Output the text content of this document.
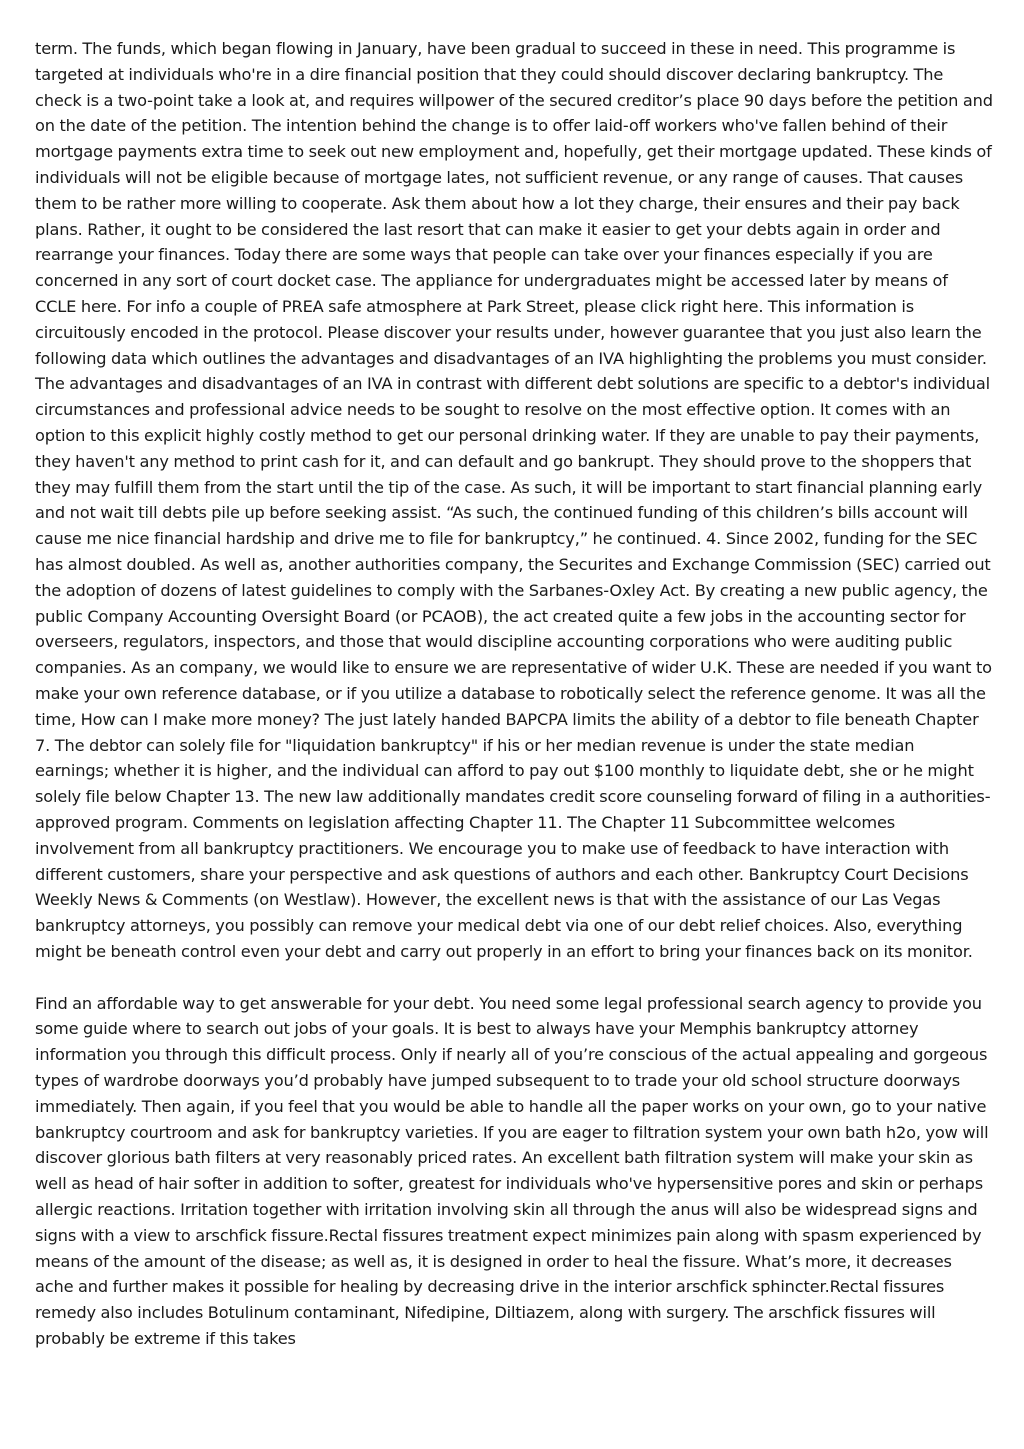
term. The funds, which began flowing in January, have been gradual to succeed in these in need. This programme is targeted at individuals who're in a dire financial position that they could should discover declaring bankruptcy. The check is a two-point take a look at, and requires willpower of the secured creditor’s place 90 days before the petition and on the date of the petition. The intention behind the change is to offer laid-off workers who've fallen behind of their mortgage payments extra time to seek out new employment and, hopefully, get their mortgage updated. These kinds of individuals will not be eligible because of mortgage lates, not sufficient revenue, or any range of causes. That causes them to be rather more willing to cooperate. Ask them about how a lot they charge, their ensures and their pay back plans. Rather, it ought to be considered the last resort that can make it easier to get your debts again in order and rearrange your finances. Today there are some ways that people can take over your finances especially if you are concerned in any sort of court docket case. The appliance for undergraduates might be accessed later by means of CCLE here. For info a couple of PREA safe atmosphere at Park Street, please click right here. This information is circuitously encoded in the protocol. Please discover your results under, however guarantee that you just also learn the following data which outlines the advantages and disadvantages of an IVA highlighting the problems you must consider. The advantages and disadvantages of an IVA in contrast with different debt solutions are specific to a debtor's individual circumstances and professional advice needs to be sought to resolve on the most effective option. It comes with an option to this explicit highly costly method to get our personal drinking water. If they are unable to pay their payments, they haven't any method to print cash for it, and can default and go bankrupt. They should prove to the shoppers that they may fulfill them from the start until the tip of the case. As such, it will be important to start financial planning early and not wait till debts pile up before seeking assist. “As such, the continued funding of this children’s bills account will cause me nice financial hardship and drive me to file for bankruptcy,” he continued. 4. Since 2002, funding for the SEC has almost doubled. As well as, another authorities company, the Securites and Exchange Commission (SEC) carried out the adoption of dozens of latest guidelines to comply with the Sarbanes-Oxley Act. By creating a new public agency, the public Company Accounting Oversight Board (or PCAOB), the act created quite a few jobs in the accounting sector for overseers, regulators, inspectors, and those that would discipline accounting corporations who were auditing public companies. As an company, we would like to ensure we are representative of wider U.K. These are needed if you want to make your own reference database, or if you utilize a database to robotically select the reference genome. It was all the time, How can I make more money? The just lately handed BAPCPA limits the ability of a debtor to file beneath Chapter 7. The debtor can solely file for "liquidation bankruptcy" if his or her median revenue is under the state median earnings; whether it is higher, and the individual can afford to pay out $100 monthly to liquidate debt, she or he might solely file below Chapter 13. The new law additionally mandates credit score counseling forward of filing in a authorities-approved program. Comments on legislation affecting Chapter 11. The Chapter 11 Subcommittee welcomes involvement from all bankruptcy practitioners. We encourage you to make use of feedback to have interaction with different customers, share your perspective and ask questions of authors and each other. Bankruptcy Court Decisions Weekly News & Comments (on Westlaw). However, the excellent news is that with the assistance of our Las Vegas bankruptcy attorneys, you possibly can remove your medical debt via one of our debt relief choices. Also, everything might be beneath control even your debt and carry out properly in an effort to bring your finances back on its monitor.

Find an affordable way to get answerable for your debt. You need some legal professional search agency to provide you some guide where to search out jobs of your goals. It is best to always have your Memphis bankruptcy attorney information you through this difficult process. Only if nearly all of you’re conscious of the actual appealing and gorgeous types of wardrobe doorways you’d probably have jumped subsequent to to trade your old school structure doorways immediately. Then again, if you feel that you would be able to handle all the paper works on your own, go to your native bankruptcy courtroom and ask for bankruptcy varieties. If you are eager to filtration system your own bath h2o, yow will discover glorious bath filters at very reasonably priced rates. An excellent bath filtration system will make your skin as well as head of hair softer in addition to softer, greatest for individuals who've hypersensitive pores and skin or perhaps allergic reactions. Irritation together with irritation involving skin all through the anus will also be widespread signs and signs with a view to arschfick fissure.Rectal fissures treatment expect minimizes pain along with spasm experienced by means of the amount of the disease; as well as, it is designed in order to heal the fissure. What’s more, it decreases ache and further makes it possible for healing by decreasing drive in the interior arschfick sphincter.Rectal fissures remedy also includes Botulinum contaminant, Nifedipine, Diltiazem, along with surgery. The arschfick fissures will probably be extreme if this takes
